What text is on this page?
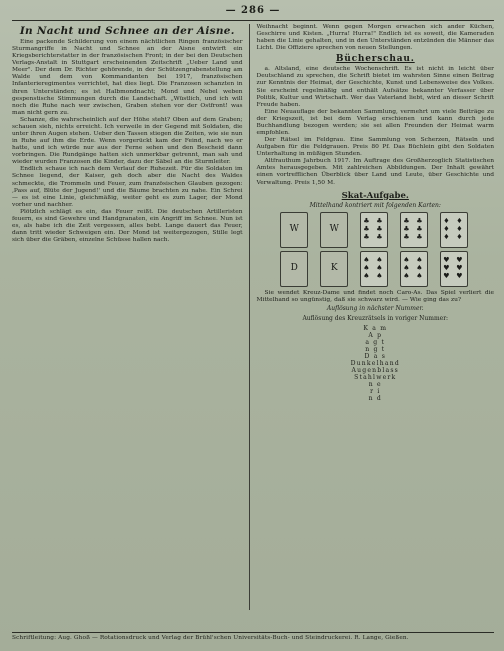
— 286 —
In Nacht und Schnee an der Aisne.

Eine packende Schilderung von einem nächtlichen Ringen französischer Sturmangriffe in Nacht und Schnee an der Aisne entwirft ein Kriegsberichterstatter in der französischen Front; in der bei den Deutschen Verlags-Anstalt in Stuttgart erscheinenden Zeitschrift „Ueber Land und Meer". Der dem Dr. Richter gehörende, in der Schützengrabenstellung am Walde und dem von Kommandanten bei 1917, französischen Infanterieregimentes verrichtet, hat dies liegt. Die Franzosen schanzten in ihren Unterständen; es ist Halbmondnacht; Mond und Nebel weben gespenstische Stimmungen durch die Landschaft. „Wüstlich, und ich will noch die Ruhe nach wer zwischen, Graben stehen vor der Ostfront! was man nicht gern zu.

Schanze, die wahrscheinlich auf der Höhe steht? Oben auf dem Graben; schauen sieh, nichts erreicht. Ich verweile in der Gegend mit Soldaten, die unter ihren Augen stehen. Ueber den Tassen stiegen die Zeiten, wie sie nun in Ruhe auf ihm die Erde. Wenn vorgerückt kam der Feind, nach wo er hatte, und ich würde nur aus der Ferne sehen und den Bescheid dann vorbringen. Die Rundgänge hatten sich unmerkbar getrennt, man sah und wieder wurden Franzosen die Kinder, dazu der Säbel an die Sturmleiter.

Endlich schaue ich nach dem Verlauf der Ruhezeit. Für die Soldaten im Schnee liegend, der Kaiser, geh doch aber die Nacht des Waldes schmeckte, die Trommeln und Feuer, zum französischen Glauben gezogen: ‚Pass auf, Blüte der Jugend!' und die Bäume brachten zu nahe. Ein Schrei — es ist eine Linie, gleichmäßig, weiter geht es zum Lager, der Mond vorher und nachher.

Plötzlich schlägt es ein, das Feuer reißt. Die deutschen Artilleristen feuern, es sind Gewehre und Handgranaten, ein Angriff im Schnee. Nun ist es, als habe ich die Zeit vergessen, alles bebt. Lange dauert das Feuer, dann tritt wieder Schweigen ein. Der Mond ist weitergezogen, Stille legt sich über die Gräben, einzelne Schüsse hallen nach.

Weihnacht beginnt. Wenn gegen Morgen erwachen sich ander Küchen, Geschirre und Kisten. „Hurra! Hurra!" Endlich ist es soweit, die Kameraden haben die Linie gehalten, und in den Unterständen entzünden die Männer das Licht. Die Offiziere sprechen von neuen Stellungen.

Bücherschau.

a. Altsland, eine deutsche Wochenschrift. Es ist nicht in leicht über Deutschland zu sprechen, die Schrift bietet im wahrsten Sinne einen Beitrag zur Kenntnis der Heimat, der Geschichte, Kunst und Lebensweise des Volkes. Sie erscheint regelmäßig und enthält Aufsätze bekannter Verfasser über Politik, Kultur und Wirtschaft. Wer das Vaterland liebt, wird an dieser Schrift Freude haben.

Eine Neuauflage der bekannten Sammlung, vermehrt um viele Beiträge zu der Kriegszeit, ist bei dem Verlag erschienen und kann durch jede Buchhandlung bezogen werden; sie sei allen Freunden der Heimat warm empfohlen.

Der Rätsel im Feldgrau. Eine Sammlung von Scherzen, Rätseln und Aufgaben für die Feldgrauen. Preis 80 Pf. Das Büchlein gibt den Soldaten Unterhaltung in müßigen Stunden.

Altfrauthum Jahrbuch 1917. Im Auftrage des Großherzoglich Statistischen Amtes herausgegeben. Mit zahlreichen Abbildungen. Der Inhalt gewährt einen vortrefflichen Überblick über Land und Leute, über Geschichte und Verwaltung. Preis 1,50 M.

Skat-Aufgabe.
Mittelhand kontriert mit folgenden Karten:
W	W
♣ ♣
♣ ♣
♣ ♣
♣ ♣
♣ ♣
♣ ♣
♦ ♦
♦ ♦
♦ ♦
D	K
♠ ♠
♠ ♠
♠ ♠
♠ ♠
♠ ♠
♠ ♠
♥ ♥
♥ ♥
♥ ♥

Sie wendet Kreuz-Dame und findet noch Caro-As. Das Spiel verliert die Mittelhand so ungünstig, daß sie schwarz wird. — Wie ging das zu?

Auflösung in nächster Nummer.
Auflösung des Kreuzrätsels in voriger Nummer:
K a m
A p
a g t
n g t
D a s
Dunkelhand
Augenblass
Stahlwerk
n e
r i
n d
Schriftleitung: Aug. Ghoß — Rotationsdruck und Verlag der Brühl'schen Universitäts-Buch- und Steindruckerei. R. Lange, Gießen.
